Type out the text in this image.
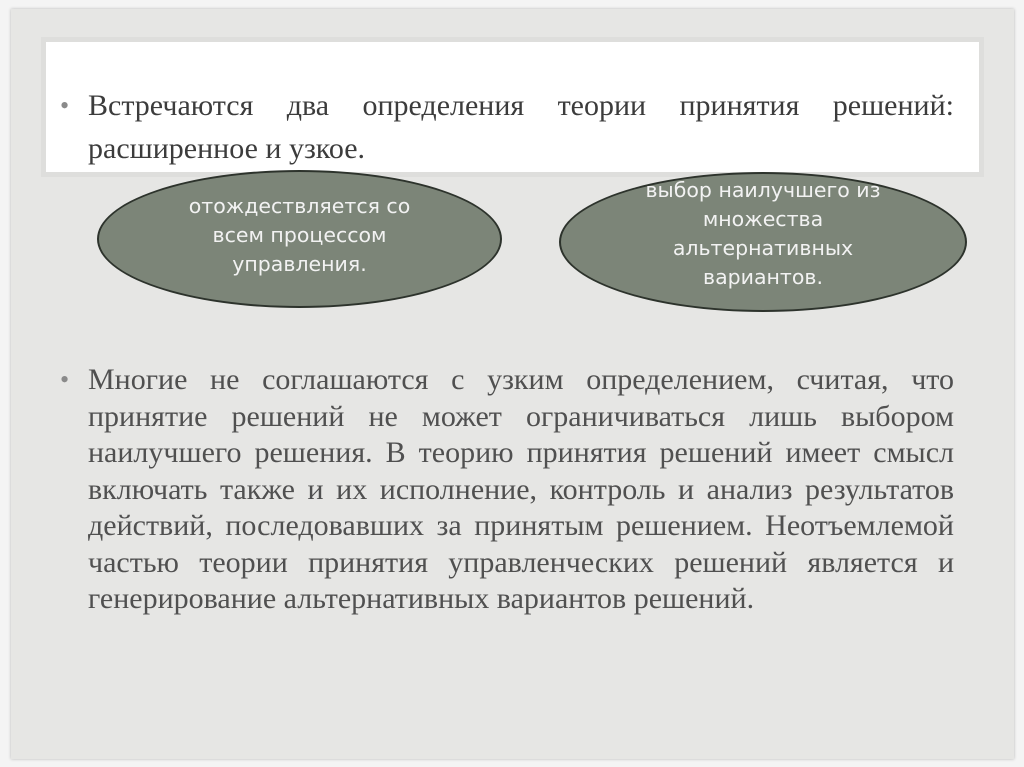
отождествляется со всем процессом управления.
выбор наилучшего из множества альтернативных вариантов.
• Встречаются два определения теории принятия решений: расширенное и узкое.
• Многие не соглашаются с узким определением, считая, что принятие решений не может ограничиваться лишь выбором наилучшего решения. В теорию принятия решений имеет смысл включать также и их исполнение, контроль и анализ результатов действий, последовавших за принятым решением. Неотъемлемой частью теории принятия управленческих решений является и генерирование альтернативных вариантов решений.
